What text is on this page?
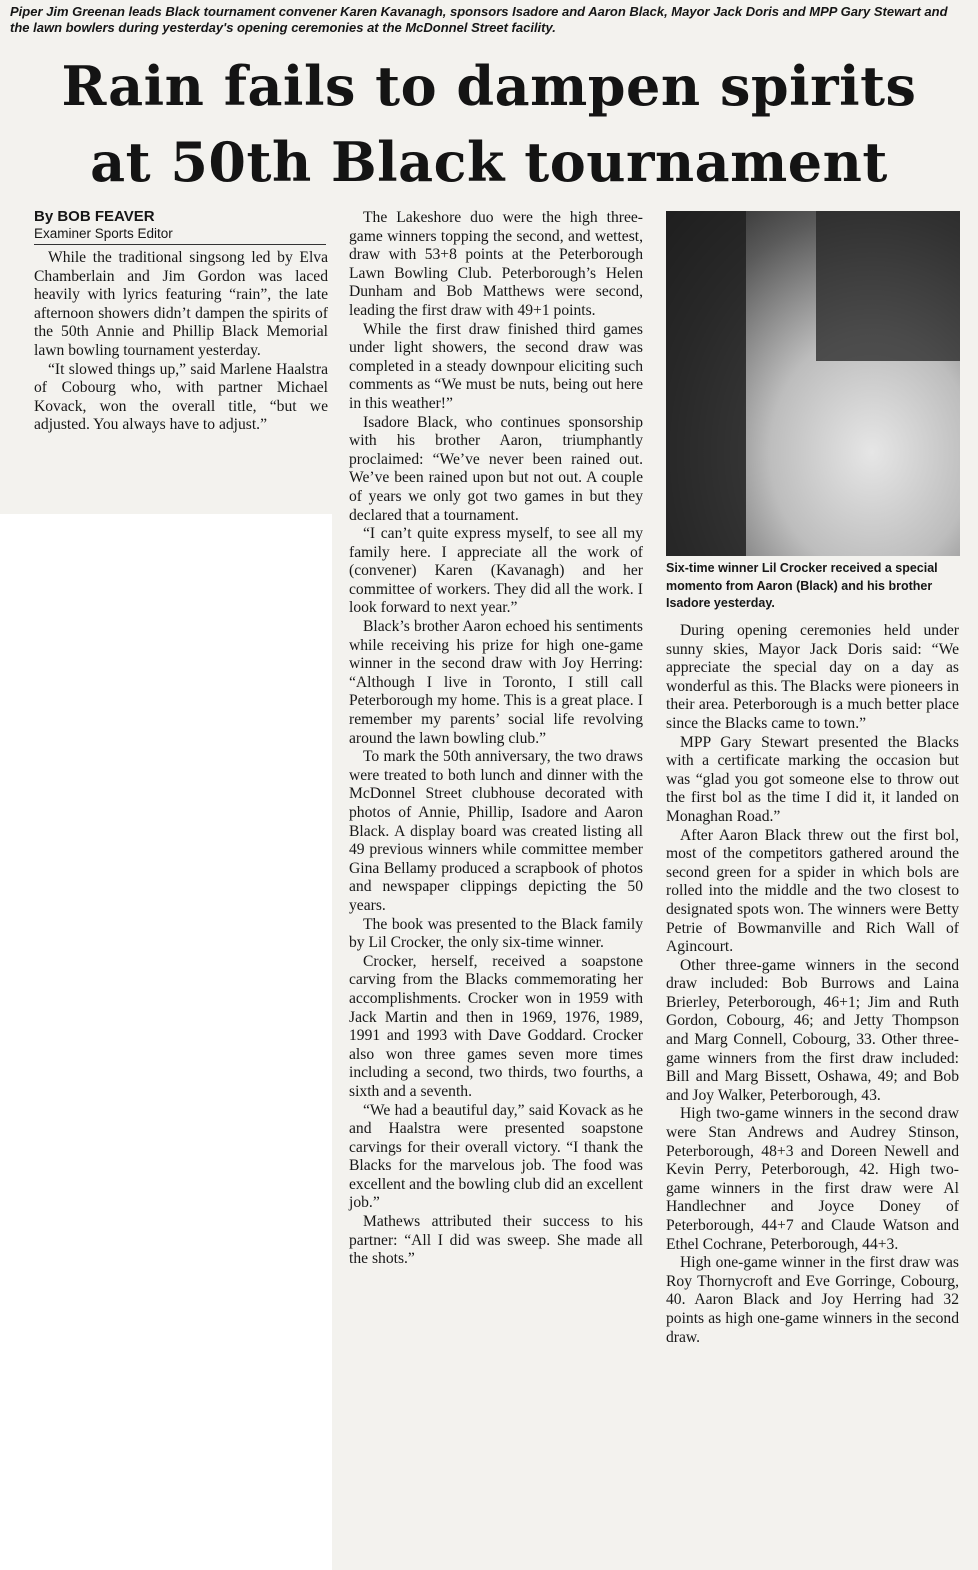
Piper Jim Greenan leads Black tournament convener Karen Kavanagh, sponsors Isadore and Aaron Black, Mayor Jack Doris and MPP Gary Stewart and the lawn bowlers during yesterday's opening ceremonies at the McDonnel Street facility.

Rain fails to dampen spirits
at 50th Black tournament
By BOB FEAVER
Examiner Sports Editor

While the traditional singsong led by Elva Chamberlain and Jim Gordon was laced heavily with lyrics featuring “rain”, the late afternoon showers didn’t dampen the spirits of the 50th Annie and Phillip Black Memorial lawn bowling tournament yesterday.

“It slowed things up,” said Marlene Haalstra of Cobourg who, with partner Michael Kovack, won the overall title, “but we adjusted. You always have to adjust.”

The Lakeshore duo were the high three-game winners topping the second, and wettest, draw with 53+8 points at the Peterborough Lawn Bowling Club. Peterborough’s Helen Dunham and Bob Matthews were second, leading the first draw with 49+1 points.

While the first draw finished third games under light showers, the second draw was completed in a steady downpour eliciting such comments as “We must be nuts, being out here in this weather!”

Isadore Black, who continues sponsorship with his brother Aaron, triumphantly proclaimed: “We’ve never been rained out. We’ve been rained upon but not out. A couple of years we only got two games in but they declared that a tournament.

“I can’t quite express myself, to see all my family here. I appreciate all the work of (convener) Karen (Kavanagh) and her committee of workers. They did all the work. I look forward to next year.”

Black’s brother Aaron echoed his sentiments while receiving his prize for high one-game winner in the second draw with Joy Herring: “Although I live in Toronto, I still call Peterborough my home. This is a great place. I remember my parents’ social life revolving around the lawn bowling club.”

To mark the 50th anniversary, the two draws were treated to both lunch and dinner with the McDonnel Street clubhouse decorated with photos of Annie, Phillip, Isadore and Aaron Black. A display board was created listing all 49 previous winners while committee member Gina Bellamy produced a scrapbook of photos and newspaper clippings depicting the 50 years.

The book was presented to the Black family by Lil Crocker, the only six-time winner.

Crocker, herself, received a soapstone carving from the Blacks commemorating her accomplishments. Crocker won in 1959 with Jack Martin and then in 1969, 1976, 1989, 1991 and 1993 with Dave Goddard. Crocker also won three games seven more times including a second, two thirds, two fourths, a sixth and a seventh.

“We had a beautiful day,” said Kovack as he and Haalstra were presented soapstone carvings for their overall victory. “I thank the Blacks for the marvelous job. The food was excellent and the bowling club did an excellent job.”

Mathews attributed their success to his partner: “All I did was sweep. She made all the shots.”

Six-time winner Lil Crocker received a special momento from Aaron (Black) and his brother Isadore yesterday.

During opening ceremonies held under sunny skies, Mayor Jack Doris said: “We appreciate the special day on a day as wonderful as this. The Blacks were pioneers in their area. Peterborough is a much better place since the Blacks came to town.”

MPP Gary Stewart presented the Blacks with a certificate marking the occasion but was “glad you got someone else to throw out the first bol as the time I did it, it landed on Monaghan Road.”

After Aaron Black threw out the first bol, most of the competitors gathered around the second green for a spider in which bols are rolled into the middle and the two closest to designated spots won. The winners were Betty Petrie of Bowmanville and Rich Wall of Agincourt.

Other three-game winners in the second draw included: Bob Burrows and Laina Brierley, Peterborough, 46+1; Jim and Ruth Gordon, Cobourg, 46; and Jetty Thompson and Marg Connell, Cobourg, 33. Other three-game winners from the first draw included: Bill and Marg Bissett, Oshawa, 49; and Bob and Joy Walker, Peterborough, 43.

High two-game winners in the second draw were Stan Andrews and Audrey Stinson, Peterborough, 48+3 and Doreen Newell and Kevin Perry, Peterborough, 42. High two-game winners in the first draw were Al Handlechner and Joyce Doney of Peterborough, 44+7 and Claude Watson and Ethel Cochrane, Peterborough, 44+3.

High one-game winner in the first draw was Roy Thornycroft and Eve Gorringe, Cobourg, 40. Aaron Black and Joy Herring had 32 points as high one-game winners in the second draw.
